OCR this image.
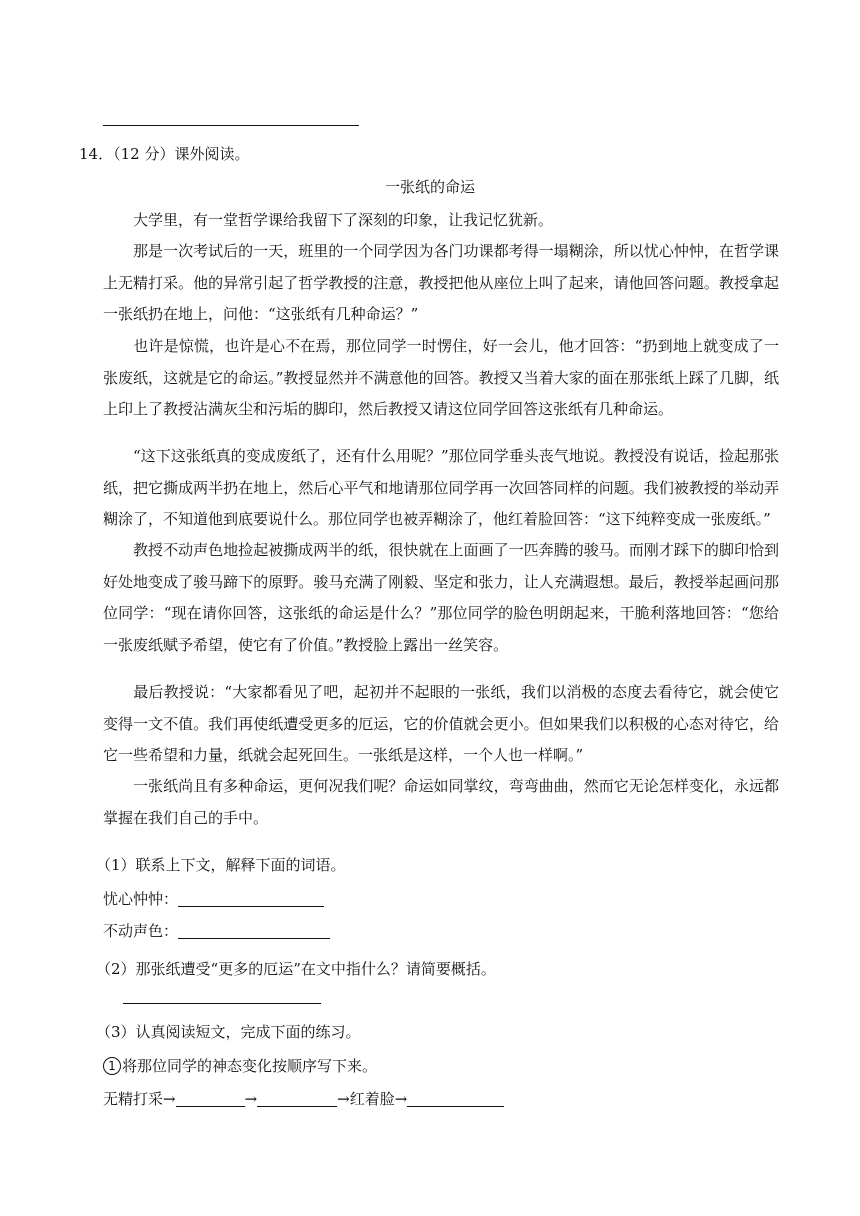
14．（12 分）课外阅读。
一张纸的命运
大学里，有一堂哲学课给我留下了深刻的印象，让我记忆犹新。
那是一次考试后的一天，班里的一个同学因为各门功课都考得一塌糊涂，所以忧心忡忡，在哲学课上无精打采。他的异常引起了哲学教授的注意，教授把他从座位上叫了起来，请他回答问题。教授拿起一张纸扔在地上，问他：“这张纸有几种命运？”
也许是惊慌，也许是心不在焉，那位同学一时愣住，好一会儿，他才回答：“扔到地上就变成了一张废纸，这就是它的命运。”教授显然并不满意他的回答。教授又当着大家的面在那张纸上踩了几脚，纸上印上了教授沾满灰尘和污垢的脚印，然后教授又请这位同学回答这张纸有几种命运。
“这下这张纸真的变成废纸了，还有什么用呢？”那位同学垂头丧气地说。教授没有说话，捡起那张纸，把它撕成两半扔在地上，然后心平气和地请那位同学再一次回答同样的问题。我们被教授的举动弄糊涂了，不知道他到底要说什么。那位同学也被弄糊涂了，他红着脸回答：“这下纯粹变成一张废纸。”
教授不动声色地捡起被撕成两半的纸，很快就在上面画了一匹奔腾的骏马。而刚才踩下的脚印恰到好处地变成了骏马蹄下的原野。骏马充满了刚毅、坚定和张力，让人充满遐想。最后，教授举起画问那位同学：“现在请你回答，这张纸的命运是什么？”那位同学的脸色明朗起来，干脆利落地回答：“您给一张废纸赋予希望，使它有了价值。”教授脸上露出一丝笑容。
最后教授说：“大家都看见了吧，起初并不起眼的一张纸，我们以消极的态度去看待它，就会使它变得一文不值。我们再使纸遭受更多的厄运，它的价值就会更小。但如果我们以积极的心态对待它，给它一些希望和力量，纸就会起死回生。一张纸是这样，一个人也一样啊。”
一张纸尚且有多种命运，更何况我们呢？命运如同掌纹，弯弯曲曲，然而它无论怎样变化，永远都掌握在我们自己的手中。
（1）联系上下文，解释下面的词语。
忧心忡忡：
不动声色：
（2）那张纸遭受“更多的厄运”在文中指什么？请简要概括。
（3）认真阅读短文，完成下面的练习。
1 将那位同学的神态变化按顺序写下来。
无精打采→	→	→红着脸→
